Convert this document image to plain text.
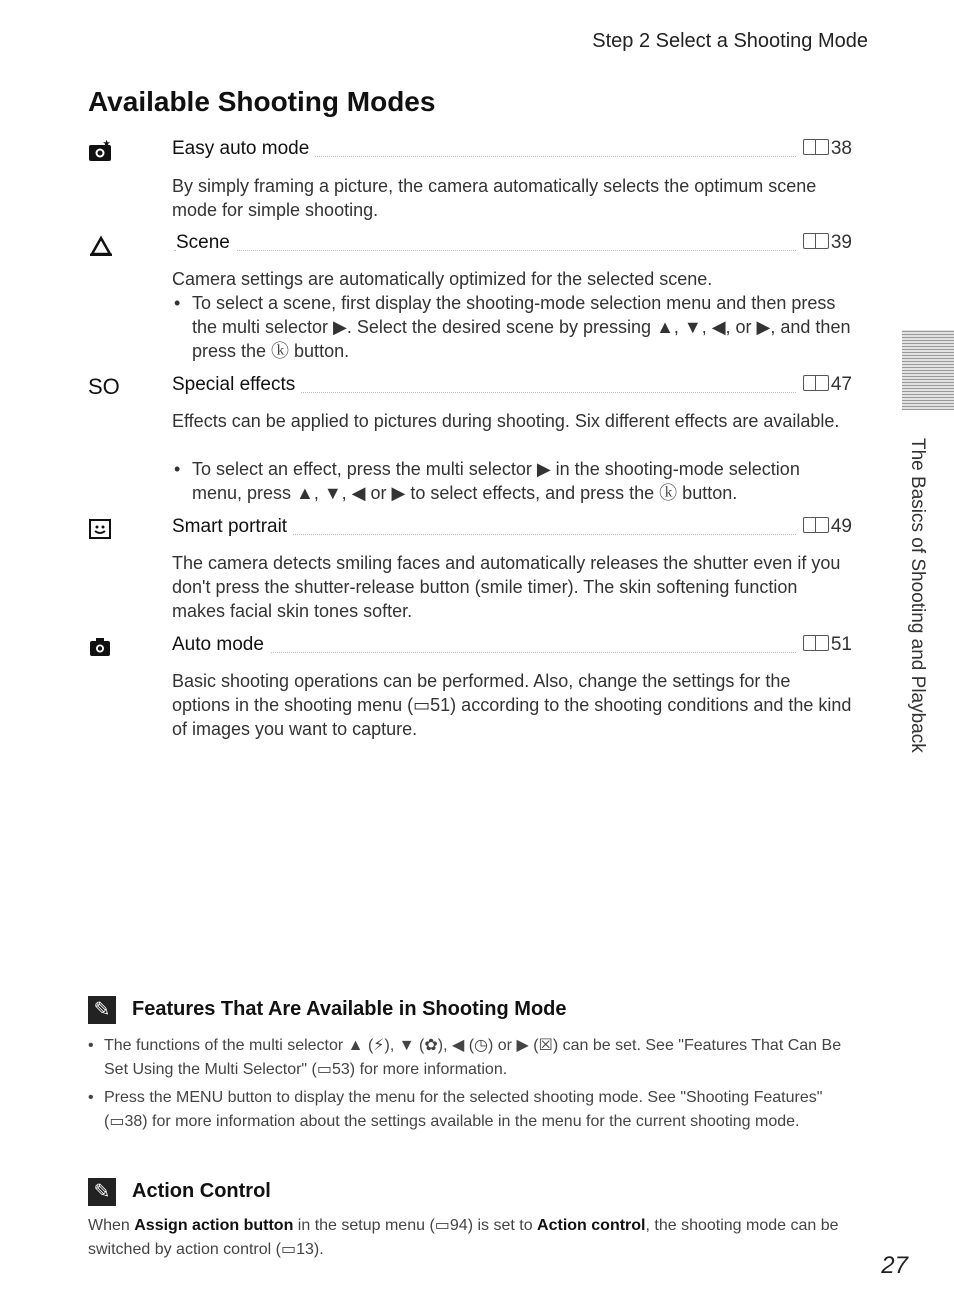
Step 2 Select a Shooting Mode
Available Shooting Modes
★	Easy auto mode	38
By simply framing a picture, the camera automatically selects the optimum scene mode for simple shooting.
Scene	39
Camera settings are automatically optimized for the selected scene.
• To select a scene, first display the shooting-mode selection menu and then press the multi selector ▶. Select the desired scene by pressing ▲, ▼, ◀, or ▶, and then press the ⓚ button.
SO	Special effects	47
Effects can be applied to pictures during shooting. Six different effects are available.
• To select an effect, press the multi selector ▶ in the shooting-mode selection menu, press ▲, ▼, ◀ or ▶ to select effects, and press the ⓚ button.
Smart portrait	49
The camera detects smiling faces and automatically releases the shutter even if you don't press the shutter-release button (smile timer). The skin softening function makes facial skin tones softer.
Auto mode	51
Basic shooting operations can be performed. Also, change the settings for the options in the shooting menu (▭51) according to the shooting conditions and the kind of images you want to capture.	The Basics of Shooting and Playback
✎ Features That Are Available in Shooting Mode
• The functions of the multi selector ▲ (⚡), ▼ (✿), ◀ (◷) or ▶ (☒) can be set. See "Features That Can Be Set Using the Multi Selector" (▭53) for more information.
• Press the MENU button to display the menu for the selected shooting mode. See "Shooting Features" (▭38) for more information about the settings available in the menu for the current shooting mode.
✎ Action Control
When Assign action button in the setup menu (▭94) is set to Action control, the shooting mode can be switched by action control (▭13).
27
